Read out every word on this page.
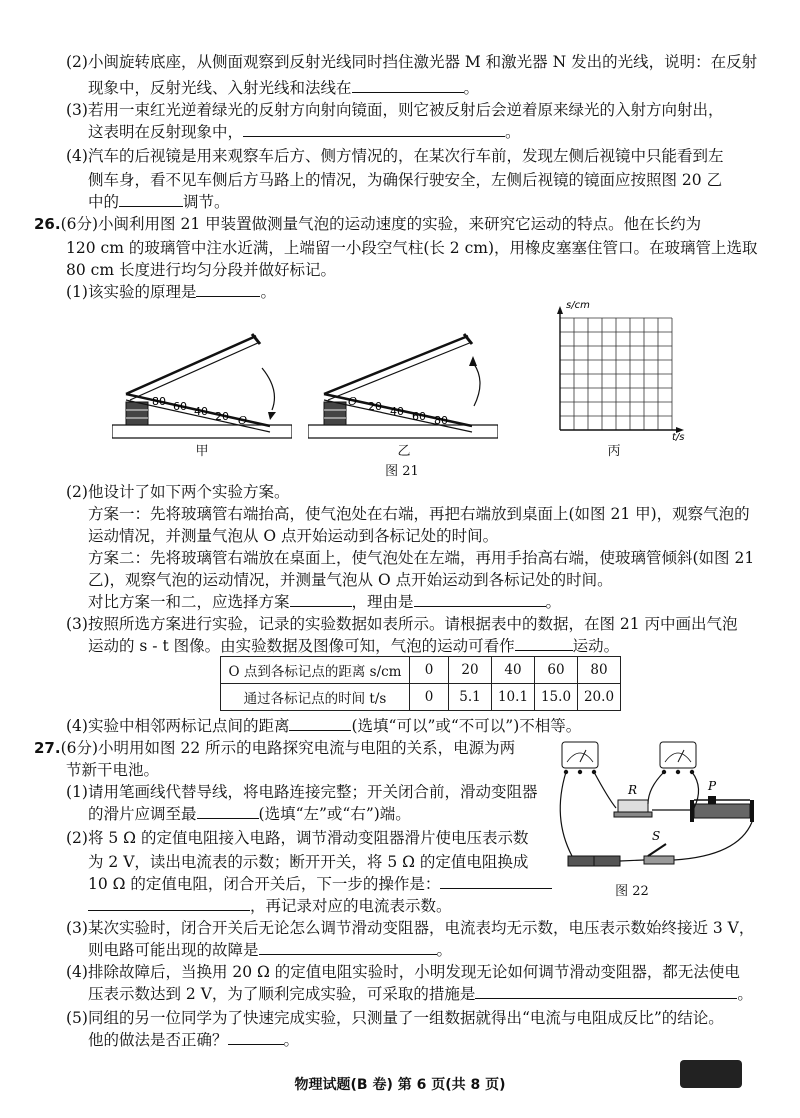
(2)小闽旋转底座，从侧面观察到反射光线同时挡住激光器 M 和激光器 N 发出的光线，说明：在反射
现象中，反射光线、入射光线和法线在	。
(3)若用一束红光逆着绿光的反射方向射向镜面，则它被反射后会逆着原来绿光的入射方向射出，
这表明在反射现象中，	。
(4)汽车的后视镜是用来观察车后方、侧方情况的，在某次行车前，发现左侧后视镜中只能看到左
侧车身，看不见车侧后方马路上的情况，为确保行驶安全，左侧后视镜的镜面应按照图 20 乙
中的	调节。
26.(6分)小闽利用图 21 甲装置做测量气泡的运动速度的实验，来研究它运动的特点。他在长约为
120 cm 的玻璃管中注水近满，上端留一小段空气柱(长 2 cm)，用橡皮塞塞住管口。在玻璃管上选取
80 cm 长度进行均匀分段并做好标记。
(1)该实验的原理是	。
80 60 40 20 O
甲
O 20 40 60 80
乙
s/cm
t/s
丙
图 21
(2)他设计了如下两个实验方案。
方案一：先将玻璃管右端抬高，使气泡处在右端，再把右端放到桌面上(如图 21 甲)，观察气泡的
运动情况，并测量气泡从 O 点开始运动到各标记处的时间。
方案二：先将玻璃管右端放在桌面上，使气泡处在左端，再用手抬高右端，使玻璃管倾斜(如图 21
乙)，观察气泡的运动情况，并测量气泡从 O 点开始运动到各标记处的时间。
对比方案一和二，应选择方案	，理由是	。
(3)按照所选方案进行实验，记录的实验数据如表所示。请根据表中的数据，在图 21 丙中画出气泡
运动的 s - t 图像。由实验数据及图像可知，气泡的运动可看作	运动。
O 点到各标记点的距离 s/cm	0	20	40	60	80
通过各标记点的时间 t/s	0	5.1	10.1	15.0	20.0
(4)实验中相邻两标记点间的距离	(选填“可以”或“不可以”)不相等。
27.(6分)小明用如图 22 所示的电路探究电流与电阻的关系，电源为两
节新干电池。
(1)请用笔画线代替导线，将电路连接完整；开关闭合前，滑动变阻器
的滑片应调至最	(选填“左”或“右”)端。
(2)将 5 Ω 的定值电阻接入电路，调节滑动变阻器滑片使电压表示数
为 2 V，读出电流表的示数；断开开关，将 5 Ω 的定值电阻换成
10 Ω 的定值电阻，闭合开关后，下一步的操作是：
，再记录对应的电流表示数。
(3)某次实验时，闭合开关后无论怎么调节滑动变阻器，电流表均无示数，电压表示数始终接近 3 V，
则电路可能出现的故障是	。
(4)排除故障后，当换用 20 Ω 的定值电阻实验时，小明发现无论如何调节滑动变阻器，都无法使电
压表示数达到 2 V，为了顺利完成实验，可采取的措施是	。
(5)同组的另一位同学为了快速完成实验，只测量了一组数据就得出“电流与电阻成反比”的结论。
他的做法是否正确？	。
R	P
S
图 22
物理试题(B 卷) 第 6 页(共 8 页)
